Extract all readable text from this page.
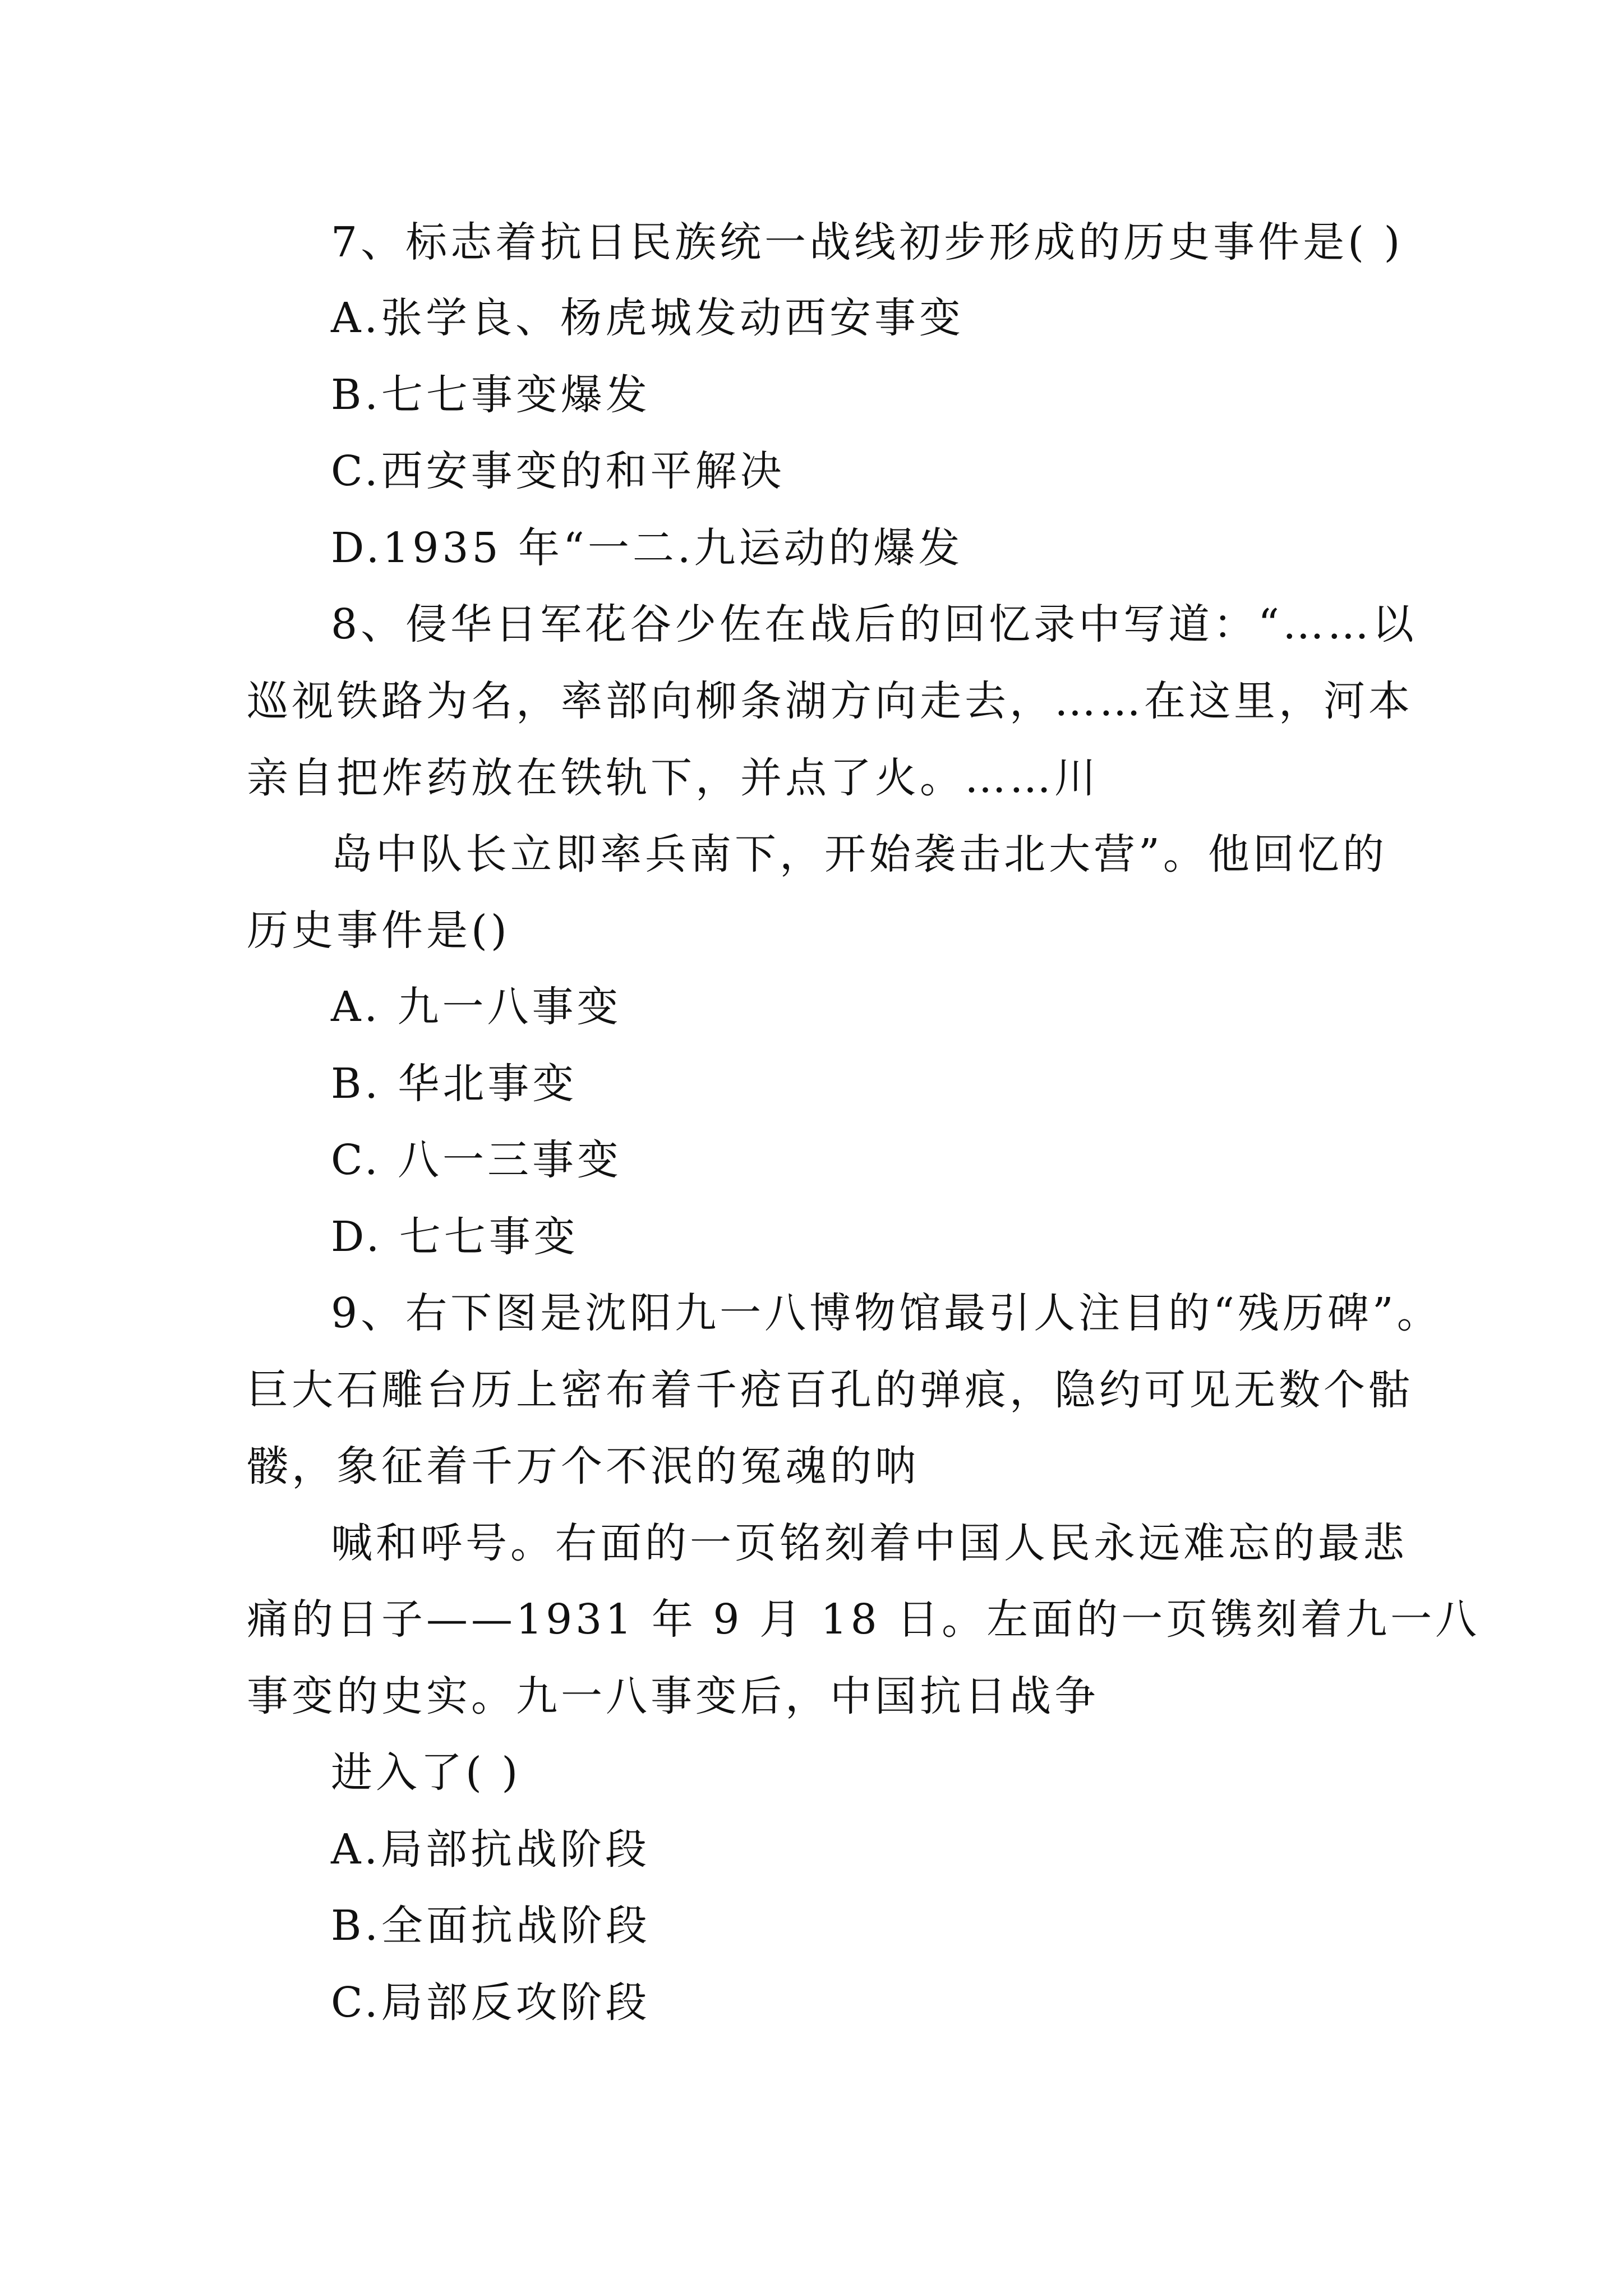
7、标志着抗日民族统一战线初步形成的历史事件是( )
A.张学良、杨虎城发动西安事变
B.七七事变爆发
C.西安事变的和平解决
D.1935 年“一二.九运动的爆发
8、侵华日军花谷少佐在战后的回忆录中写道：“……以
巡视铁路为名，率部向柳条湖方向走去，……在这里，河本
亲自把炸药放在铁轨下，并点了火。……川
岛中队长立即率兵南下，开始袭击北大营”。他回忆的
历史事件是()
A. 九一八事变
B. 华北事变
C. 八一三事变
D. 七七事变
9、右下图是沈阳九一八博物馆最引人注目的“残历碑”。
巨大石雕台历上密布着千疮百孔的弹痕，隐约可见无数个骷
髅，象征着千万个不泯的冤魂的呐
喊和呼号。右面的一页铭刻着中国人民永远难忘的最悲
痛的日子——1931 年 9 月 18 日。左面的一页镌刻着九一八
事变的史实。九一八事变后，中国抗日战争
进入了( )
A.局部抗战阶段
B.全面抗战阶段
C.局部反攻阶段
